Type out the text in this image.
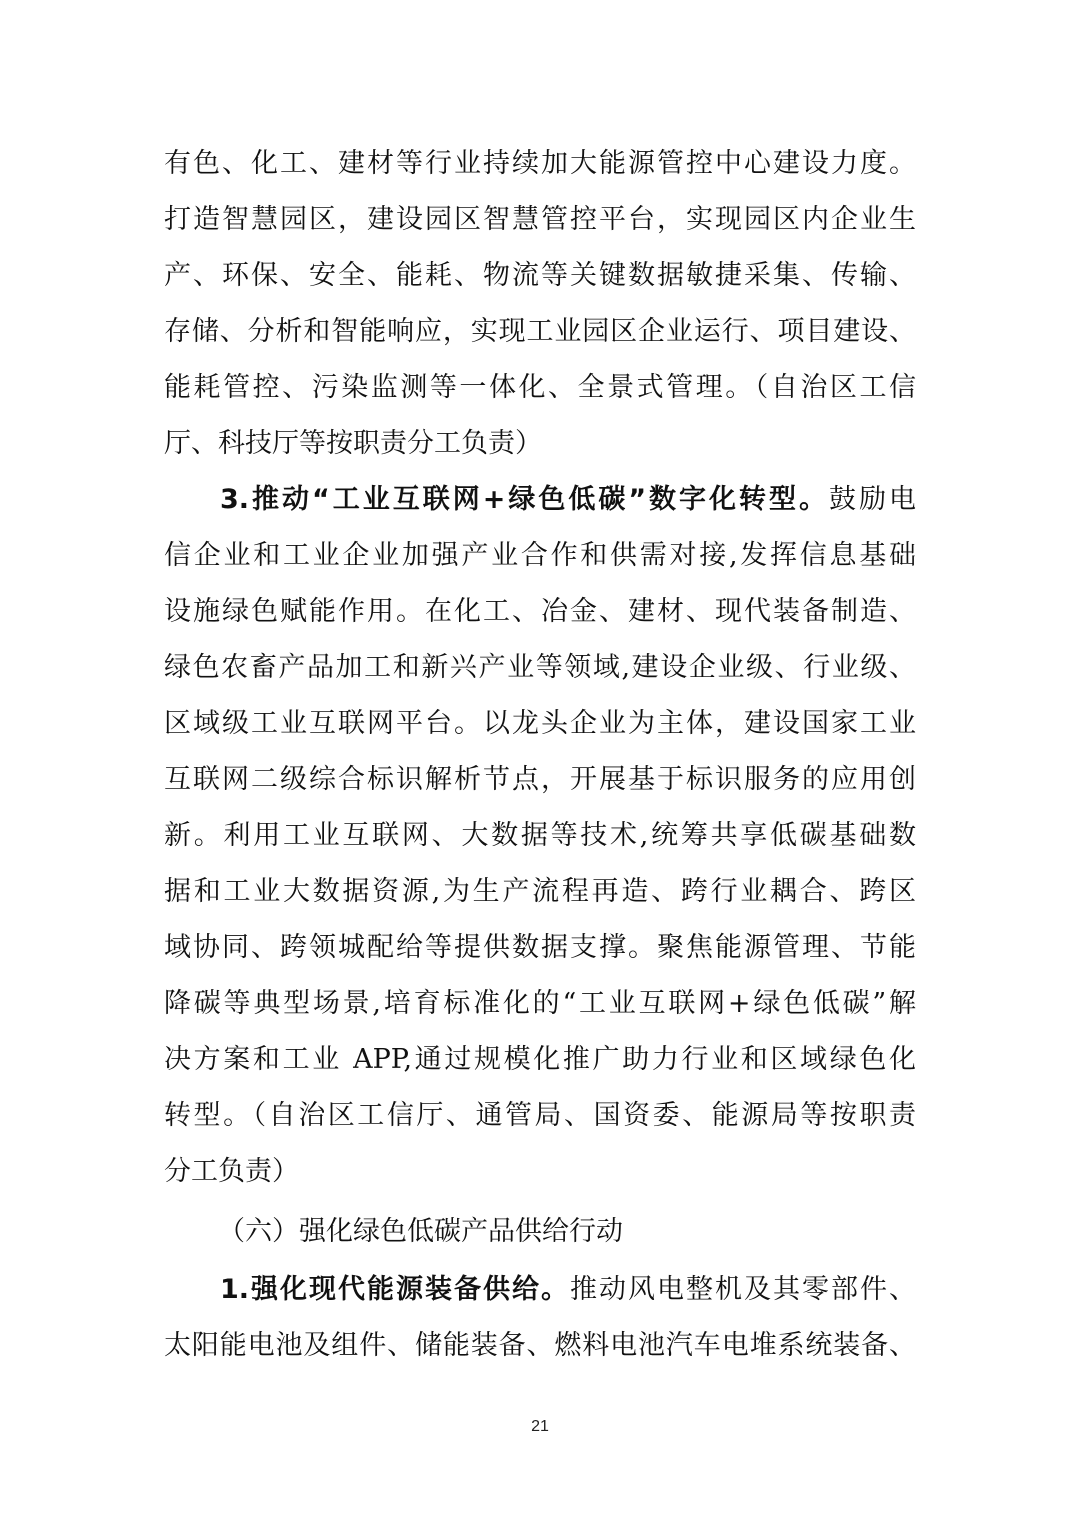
有色、化工、建材等行业持续加大能源管控中心建设力度。
打造智慧园区，建设园区智慧管控平台，实现园区内企业生
产、环保、安全、能耗、物流等关键数据敏捷采集、传输、
存储、分析和智能响应，实现工业园区企业运行、项目建设、
能耗管控、污染监测等一体化、全景式管理。（自治区工信
厅、科技厅等按职责分工负责）
3.推动“工业互联网+绿色低碳”数字化转型。鼓励电
信企业和工业企业加强产业合作和供需对接,发挥信息基础
设施绿色赋能作用。在化工、冶金、建材、现代装备制造、
绿色农畜产品加工和新兴产业等领域,建设企业级、行业级、
区域级工业互联网平台。以龙头企业为主体，建设国家工业
互联网二级综合标识解析节点，开展基于标识服务的应用创
新。利用工业互联网、大数据等技术,统筹共享低碳基础数
据和工业大数据资源,为生产流程再造、跨行业耦合、跨区
域协同、跨领城配给等提供数据支撑。聚焦能源管理、节能
降碳等典型场景,培育标准化的“工业互联网+绿色低碳”解
决方案和工业 APP,通过规模化推广助力行业和区域绿色化
转型。（自治区工信厅、通管局、国资委、能源局等按职责
分工负责）
（六）强化绿色低碳产品供给行动
1.强化现代能源装备供给。推动风电整机及其零部件、
太阳能电池及组件、储能装备、燃料电池汽车电堆系统装备、
21
